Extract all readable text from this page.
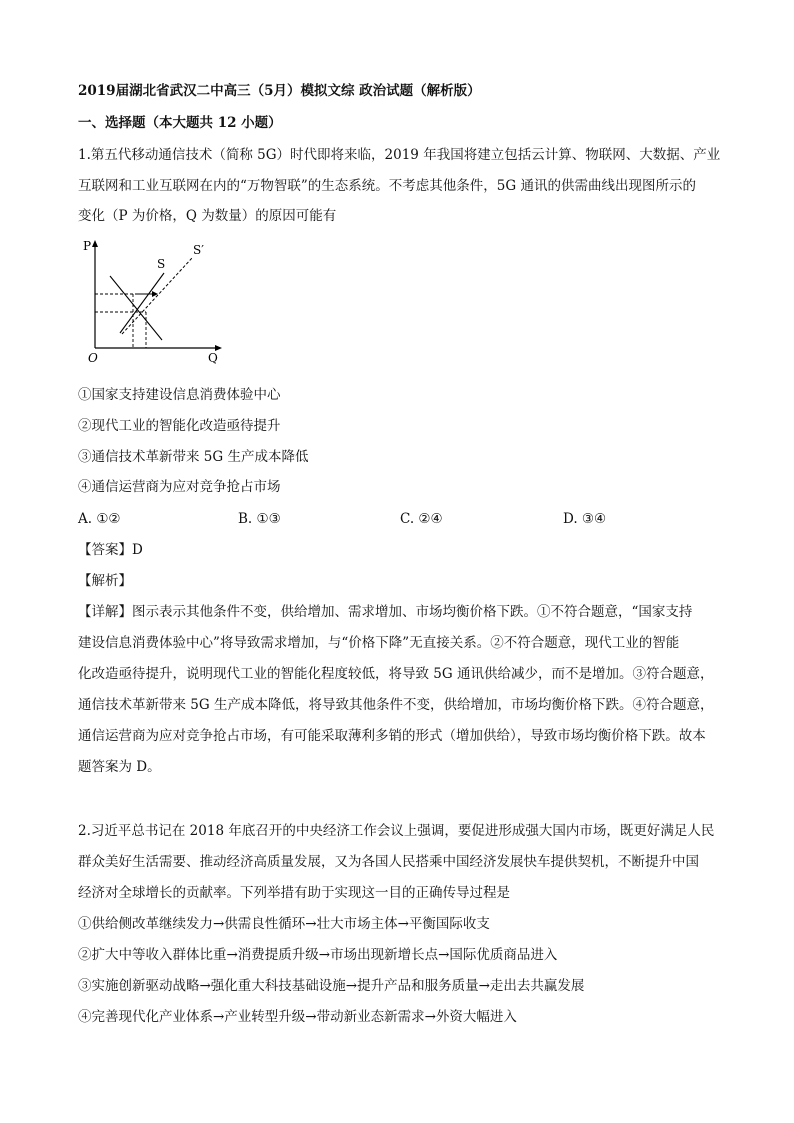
2019届湖北省武汉二中高三（5月）模拟文综 政治试题（解析版）
一、选择题（本大题共 12 小题）
1.第五代移动通信技术（简称 5G）时代即将来临，2019 年我国将建立包括云计算、物联网、大数据、产业
互联网和工业互联网在内的“万物智联”的生态系统。不考虑其他条件，5G 通讯的供需曲线出现图所示的
变化（P 为价格，Q 为数量）的原因可能有
P
Q
O
S
S′
①国家支持建设信息消费体验中心
②现代工业的智能化改造亟待提升
③通信技术革新带来 5G 生产成本降低
④通信运营商为应对竞争抢占市场
A. ①②	B. ①③	C. ②④	D. ③④
【答案】D
【解析】
【详解】图示表示其他条件不变，供给增加、需求增加、市场均衡价格下跌。①不符合题意，“国家支持
建设信息消费体验中心”将导致需求增加，与“价格下降”无直接关系。②不符合题意，现代工业的智能
化改造亟待提升，说明现代工业的智能化程度较低，将导致 5G 通讯供给减少，而不是增加。③符合题意，
通信技术革新带来 5G 生产成本降低，将导致其他条件不变，供给增加，市场均衡价格下跌。④符合题意，
通信运营商为应对竞争抢占市场，有可能采取薄利多销的形式（增加供给），导致市场均衡价格下跌。故本
题答案为 D。
2.习近平总书记在 2018 年底召开的中央经济工作会议上强调，要促进形成强大国内市场，既更好满足人民
群众美好生活需要、推动经济高质量发展，又为各国人民搭乘中国经济发展快车提供契机，不断提升中国
经济对全球增长的贡献率。下列举措有助于实现这一目的正确传导过程是
①供给侧改革继续发力→供需良性循环→壮大市场主体→平衡国际收支
②扩大中等收入群体比重→消费提质升级→市场出现新增长点→国际优质商品进入
③实施创新驱动战略→强化重大科技基础设施→提升产品和服务质量→走出去共赢发展
④完善现代化产业体系→产业转型升级→带动新业态新需求→外资大幅进入
